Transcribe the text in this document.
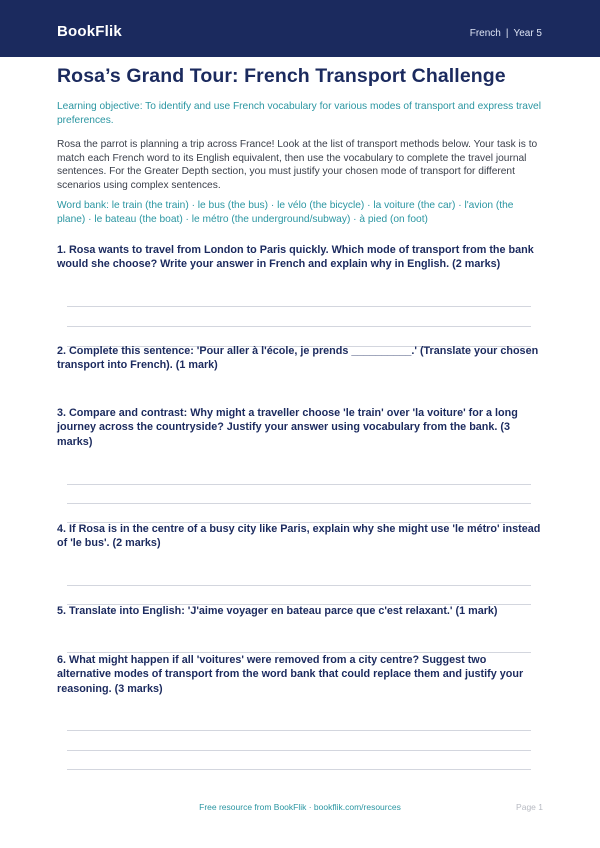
BookFlik	French | Year 5
Rosa’s Grand Tour: French Transport Challenge
Learning objective: To identify and use French vocabulary for various modes of transport and express travel preferences.
Rosa the parrot is planning a trip across France! Look at the list of transport methods below. Your task is to match each French word to its English equivalent, then use the vocabulary to complete the travel journal sentences. For the Greater Depth section, you must justify your chosen mode of transport for different scenarios using complex sentences.
Word bank: le train (the train) · le bus (the bus) · le vélo (the bicycle) · la voiture (the car) · l'avion (the plane) · le bateau (the boat) · le métro (the underground/subway) · à pied (on foot)
1. Rosa wants to travel from London to Paris quickly. Which mode of transport from the bank would she choose? Write your answer in French and explain why in English. (2 marks)
2. Complete this sentence: 'Pour aller à l'école, je prends __________.' (Translate your chosen transport into French). (1 mark)
3. Compare and contrast: Why might a traveller choose 'le train' over 'la voiture' for a long journey across the countryside? Justify your answer using vocabulary from the bank. (3 marks)
4. If Rosa is in the centre of a busy city like Paris, explain why she might use 'le métro' instead of 'le bus'. (2 marks)
5. Translate into English: 'J'aime voyager en bateau parce que c'est relaxant.' (1 mark)
6. What might happen if all 'voitures' were removed from a city centre? Suggest two alternative modes of transport from the word bank that could replace them and justify your reasoning. (3 marks)
Free resource from BookFlik · bookflik.com/resources	Page 1
